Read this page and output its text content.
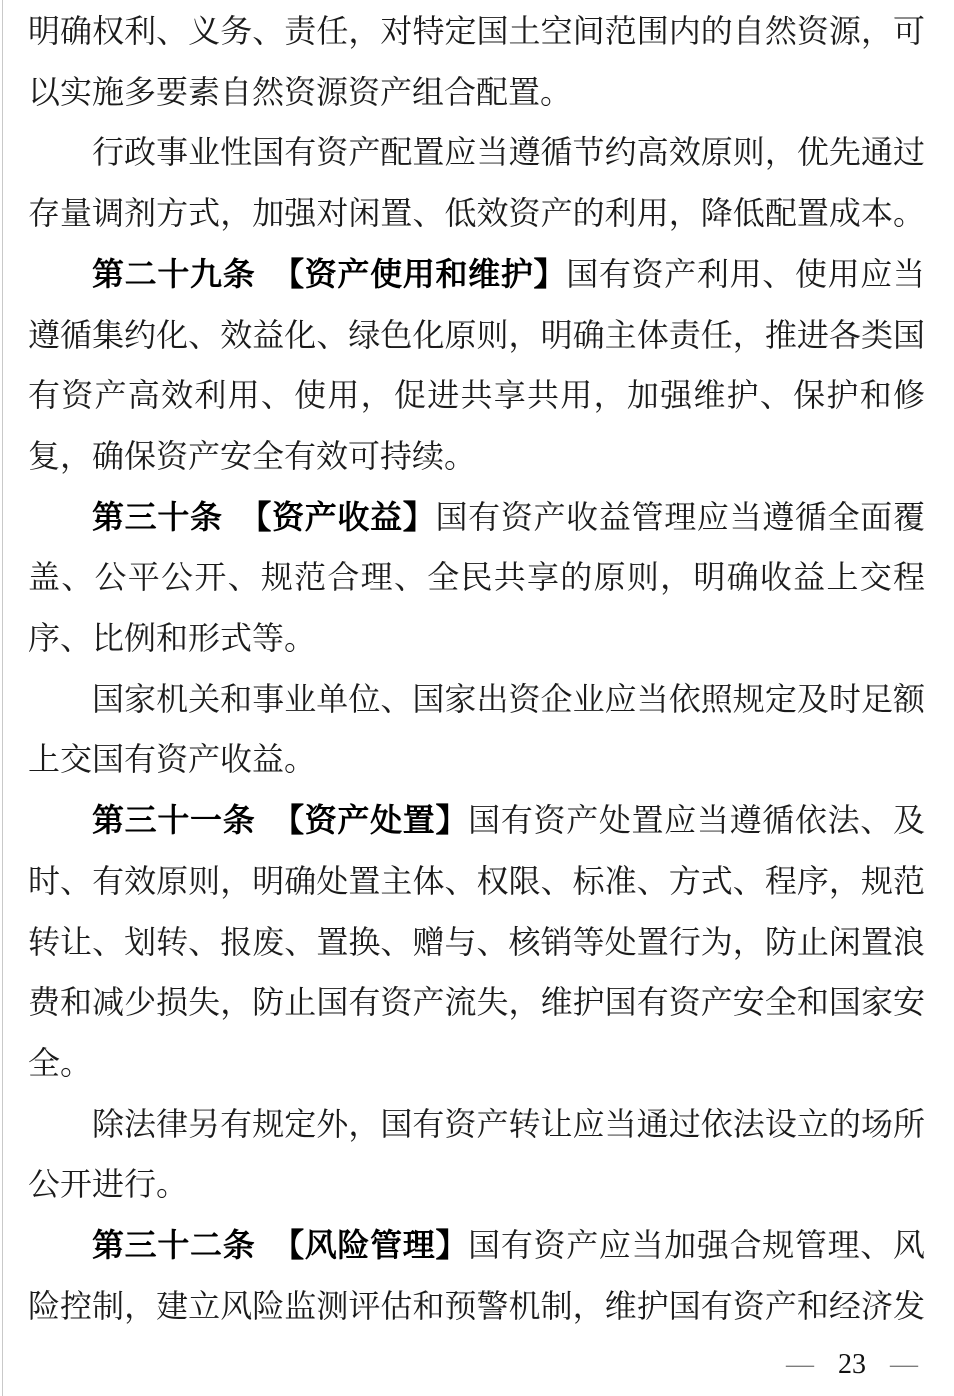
明确权利、义务、责任，对特定国土空间范围内的自然资源，可
以实施多要素自然资源资产组合配置。
行政事业性国有资产配置应当遵循节约高效原则，优先通过
存量调剂方式，加强对闲置、低效资产的利用，降低配置成本。
第二十九条　【资产使用和维护】国有资产利用、使用应当
遵循集约化、效益化、绿色化原则，明确主体责任，推进各类国
有资产高效利用、使用，促进共享共用，加强维护、保护和修
复，确保资产安全有效可持续。
第三十条　【资产收益】国有资产收益管理应当遵循全面覆
盖、公平公开、规范合理、全民共享的原则，明确收益上交程
序、比例和形式等。
国家机关和事业单位、国家出资企业应当依照规定及时足额
上交国有资产收益。
第三十一条　【资产处置】国有资产处置应当遵循依法、及
时、有效原则，明确处置主体、权限、标准、方式、程序，规范
转让、划转、报废、置换、赠与、核销等处置行为，防止闲置浪
费和减少损失，防止国有资产流失，维护国有资产安全和国家安
全。
除法律另有规定外，国有资产转让应当通过依法设立的场所
公开进行。
第三十二条　【风险管理】国有资产应当加强合规管理、风
险控制，建立风险监测评估和预警机制，维护国有资产和经济发
— 23 —
